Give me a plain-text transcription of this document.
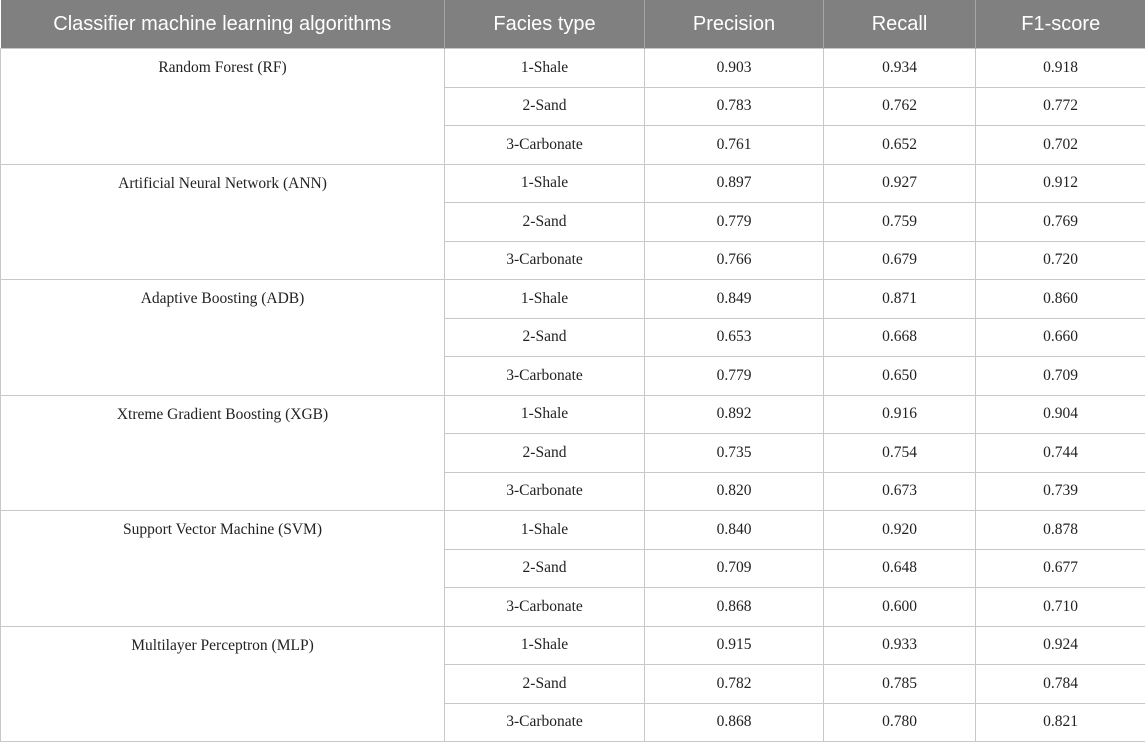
Classifier machine learning algorithms	Facies type	Precision	Recall	F1-score
Random Forest (RF)	1-Shale	0.903	0.934	0.918
	2-Sand	0.783	0.762	0.772
	3-Carbonate	0.761	0.652	0.702
Artificial Neural Network (ANN)	1-Shale	0.897	0.927	0.912
	2-Sand	0.779	0.759	0.769
	3-Carbonate	0.766	0.679	0.720
Adaptive Boosting (ADB)	1-Shale	0.849	0.871	0.860
	2-Sand	0.653	0.668	0.660
	3-Carbonate	0.779	0.650	0.709
Xtreme Gradient Boosting (XGB)	1-Shale	0.892	0.916	0.904
	2-Sand	0.735	0.754	0.744
	3-Carbonate	0.820	0.673	0.739
Support Vector Machine (SVM)	1-Shale	0.840	0.920	0.878
	2-Sand	0.709	0.648	0.677
	3-Carbonate	0.868	0.600	0.710
Multilayer Perceptron (MLP)	1-Shale	0.915	0.933	0.924
	2-Sand	0.782	0.785	0.784
	3-Carbonate	0.868	0.780	0.821
